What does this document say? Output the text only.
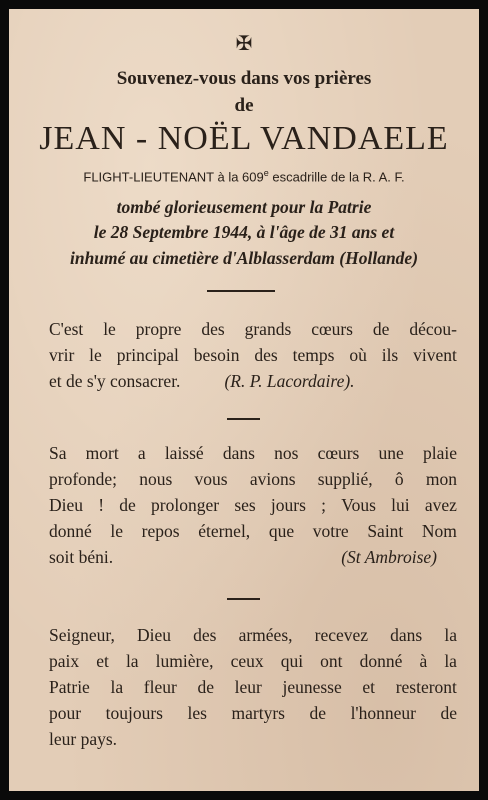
✠
Souvenez-vous dans vos prières
de
JEAN - NOËL VANDAELE
FLIGHT-LIEUTENANT à la 609e escadrille de la R. A. F.
tombé glorieusement pour la Patrie
le 28 Septembre 1944, à l'âge de 31 ans et
inhumé au cimetière d'Alblasserdam (Hollande)
C'est le propre des grands cœurs de décou-
vrir le principal besoin des temps où ils vivent
et de s'y consacrer.	(R. P. Lacordaire).
Sa mort a laissé dans nos cœurs une plaie
profonde; nous vous avions supplié, ô mon
Dieu ! de prolonger ses jours ; Vous lui avez
donné le repos éternel, que votre Saint Nom
soit béni.	(St Ambroise)
Seigneur, Dieu des armées, recevez dans la
paix et la lumière, ceux qui ont donné à la
Patrie la fleur de leur jeunesse et resteront
pour toujours les martyrs de l'honneur de
leur pays.
